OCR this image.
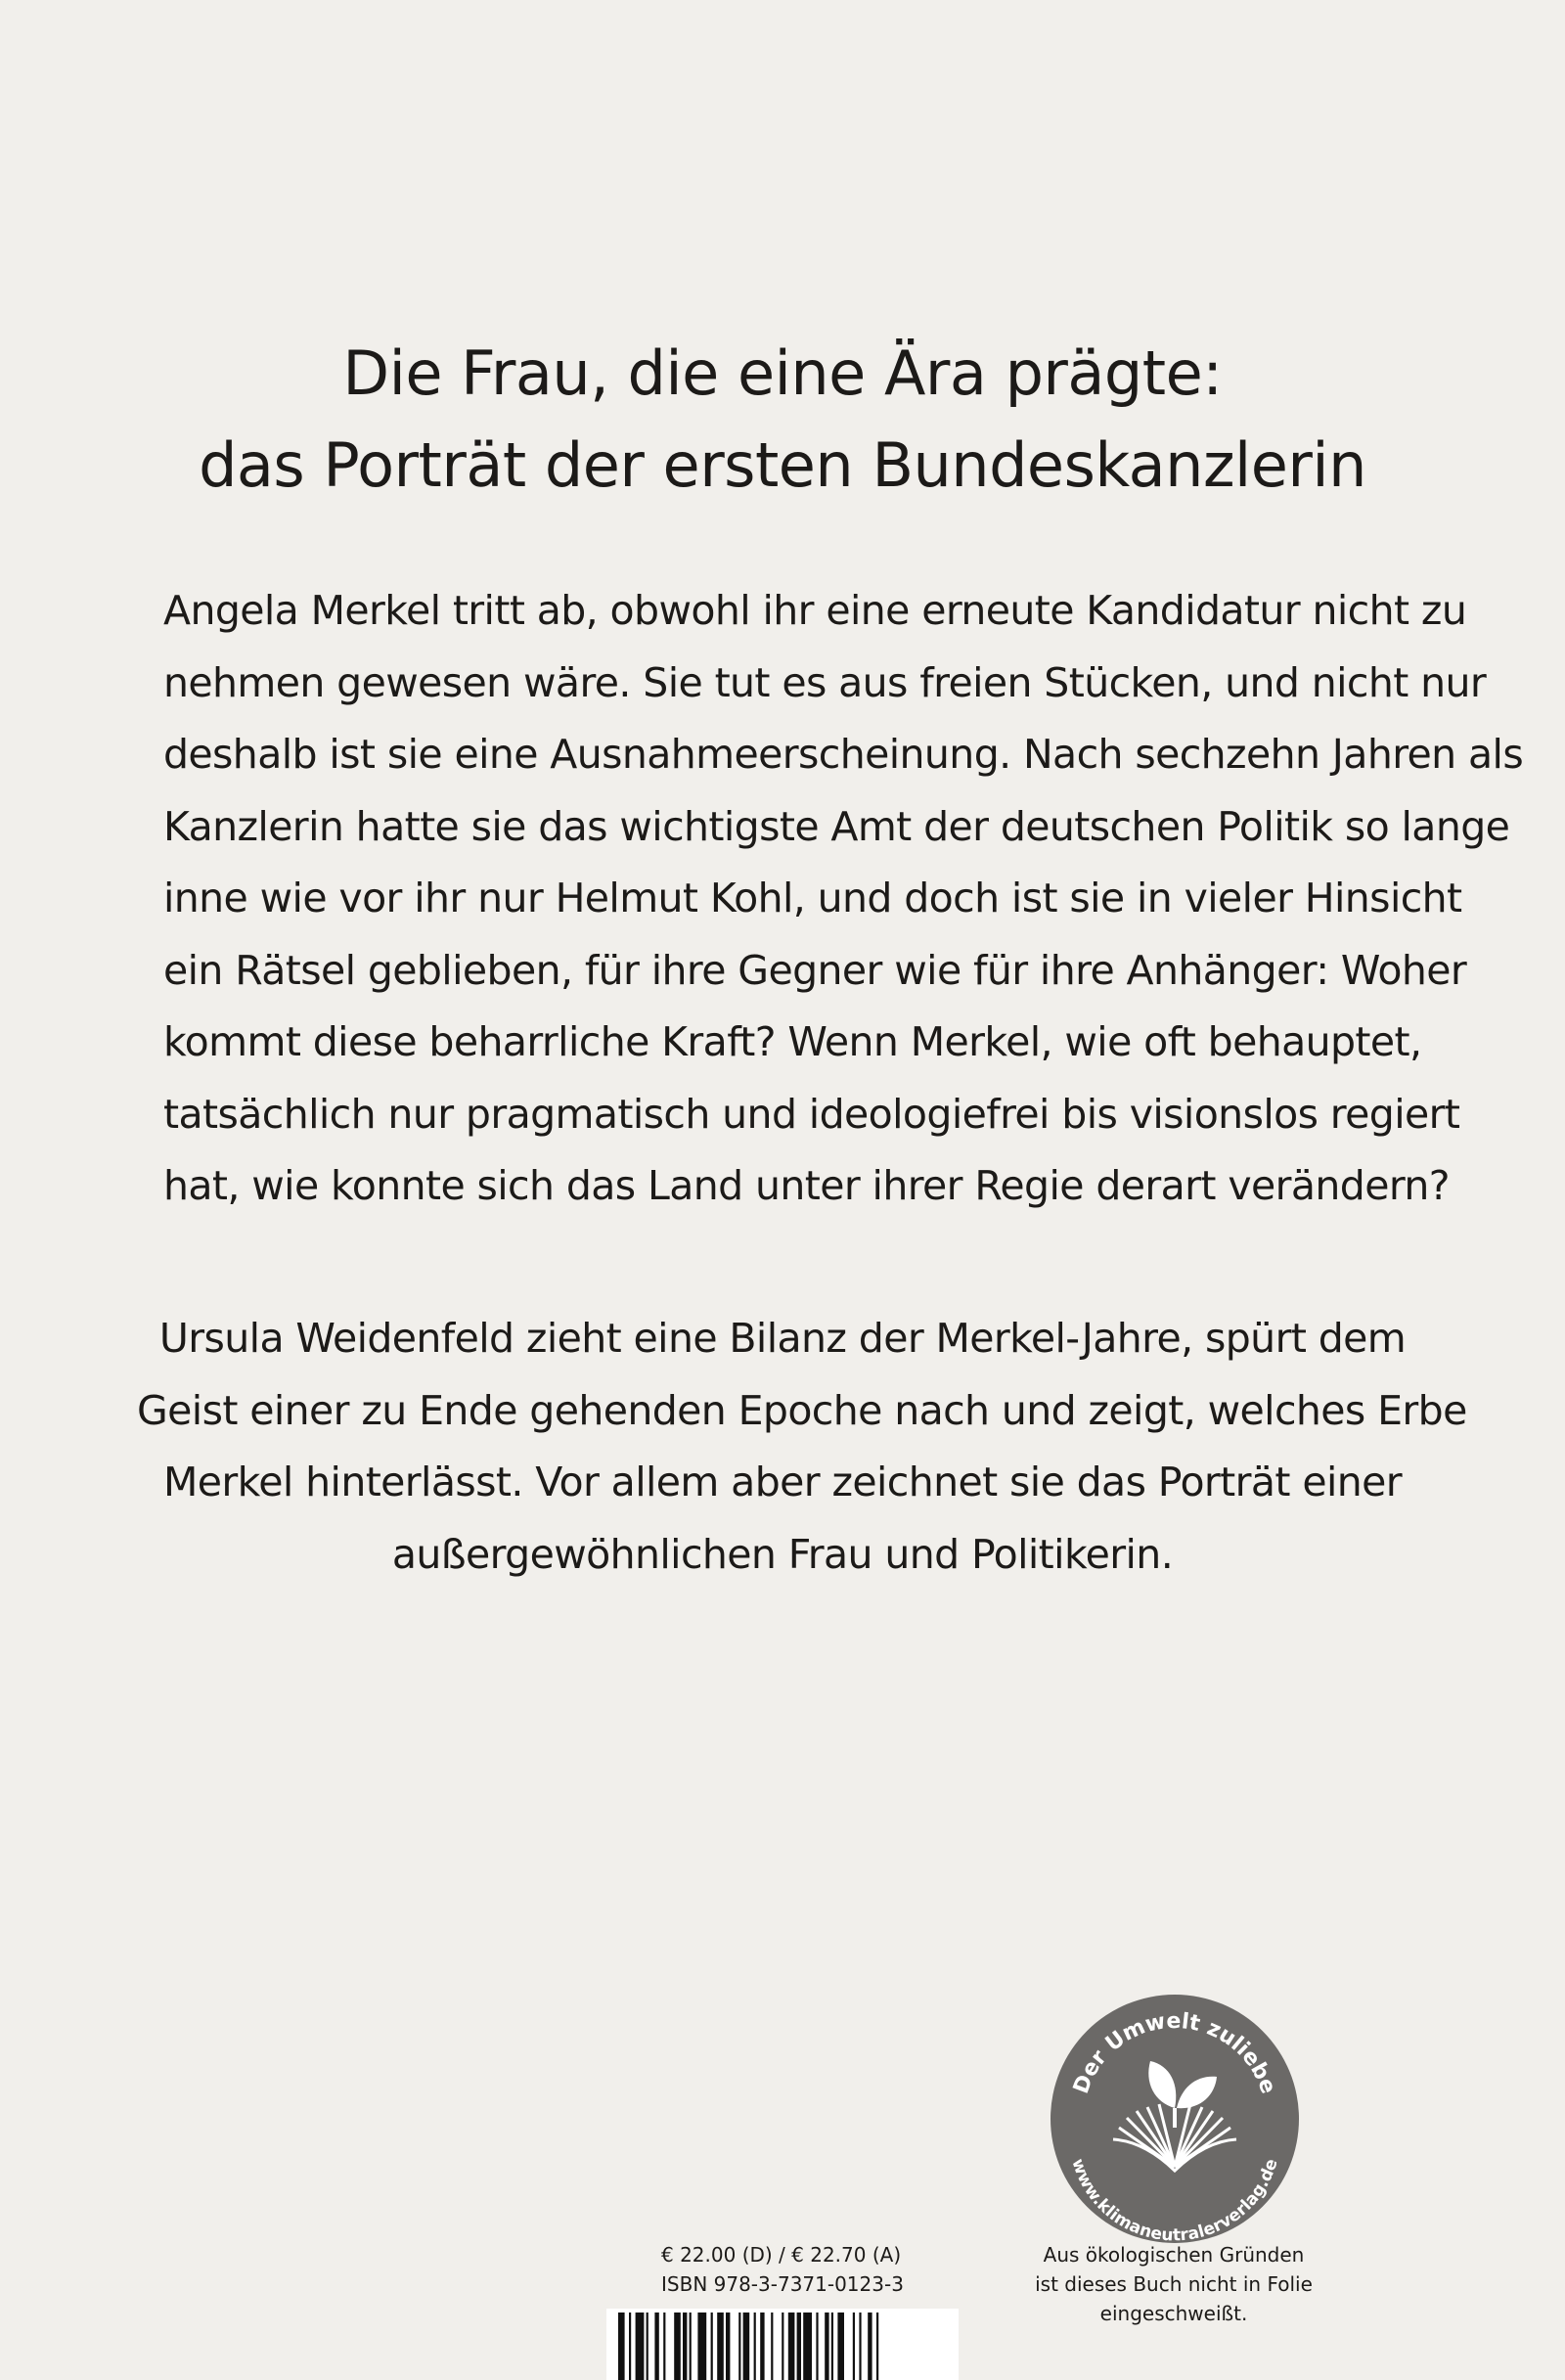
Die Frau, die eine Ära prägte:
das Porträt der ersten Bundeskanzlerin
Angela Merkel tritt ab, obwohl ihr eine erneute Kandidatur nicht zu
nehmen gewesen wäre. Sie tut es aus freien Stücken, und nicht nur
deshalb ist sie eine Ausnahmeerscheinung. Nach sechzehn Jahren als
Kanzlerin hatte sie das wichtigste Amt der deutschen Politik so lange
inne wie vor ihr nur Helmut Kohl, und doch ist sie in vieler Hinsicht
ein Rätsel geblieben, für ihre Gegner wie für ihre Anhänger: Woher
kommt diese beharrliche Kraft? Wenn Merkel, wie oft behauptet,
tatsächlich nur pragmatisch und ideologiefrei bis visionslos regiert
hat, wie konnte sich das Land unter ihrer Regie derart verändern?
Ursula Weidenfeld zieht eine Bilanz der Merkel-Jahre, spürt dem
Geist einer zu Ende gehenden Epoche nach und zeigt, welches Erbe
Merkel hinterlässt. Vor allem aber zeichnet sie das Porträt einer
außergewöhnlichen Frau und Politikerin.
Der Umwelt zuliebe
www.klimaneutralerverlag.de
Aus ökologischen Gründen
ist dieses Buch nicht in Folie
eingeschweißt.
€ 22.00 (D) / € 22.70 (A)
ISBN 978-3-7371-0123-3
